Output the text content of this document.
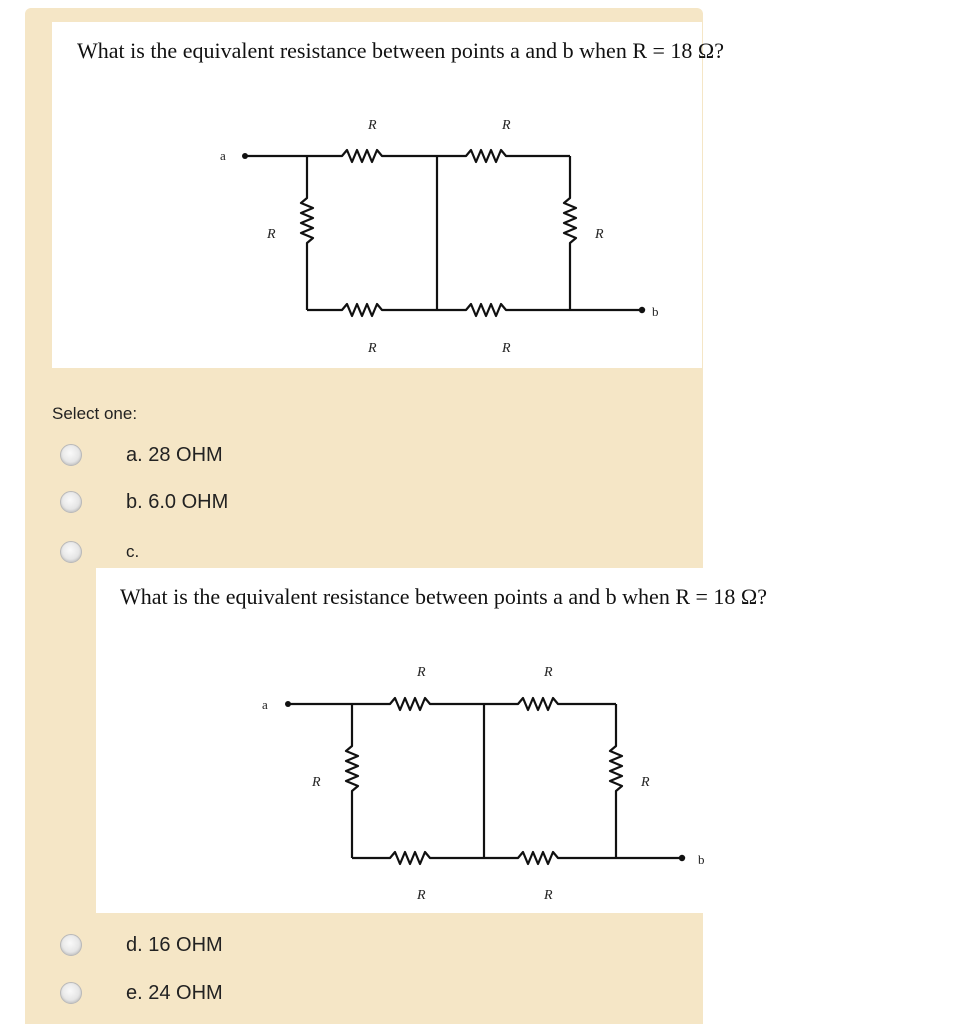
What is the equivalent resistance between points a and b when R = 18 Ω?
a
b
R	R
R	R
R	R
Select one:
a. 28 OHM
b. 6.0 OHM
c.
What is the equivalent resistance between points a and b when R = 18 Ω?
a
b
R	R
R	R
R	R
d. 16 OHM
e. 24 OHM
